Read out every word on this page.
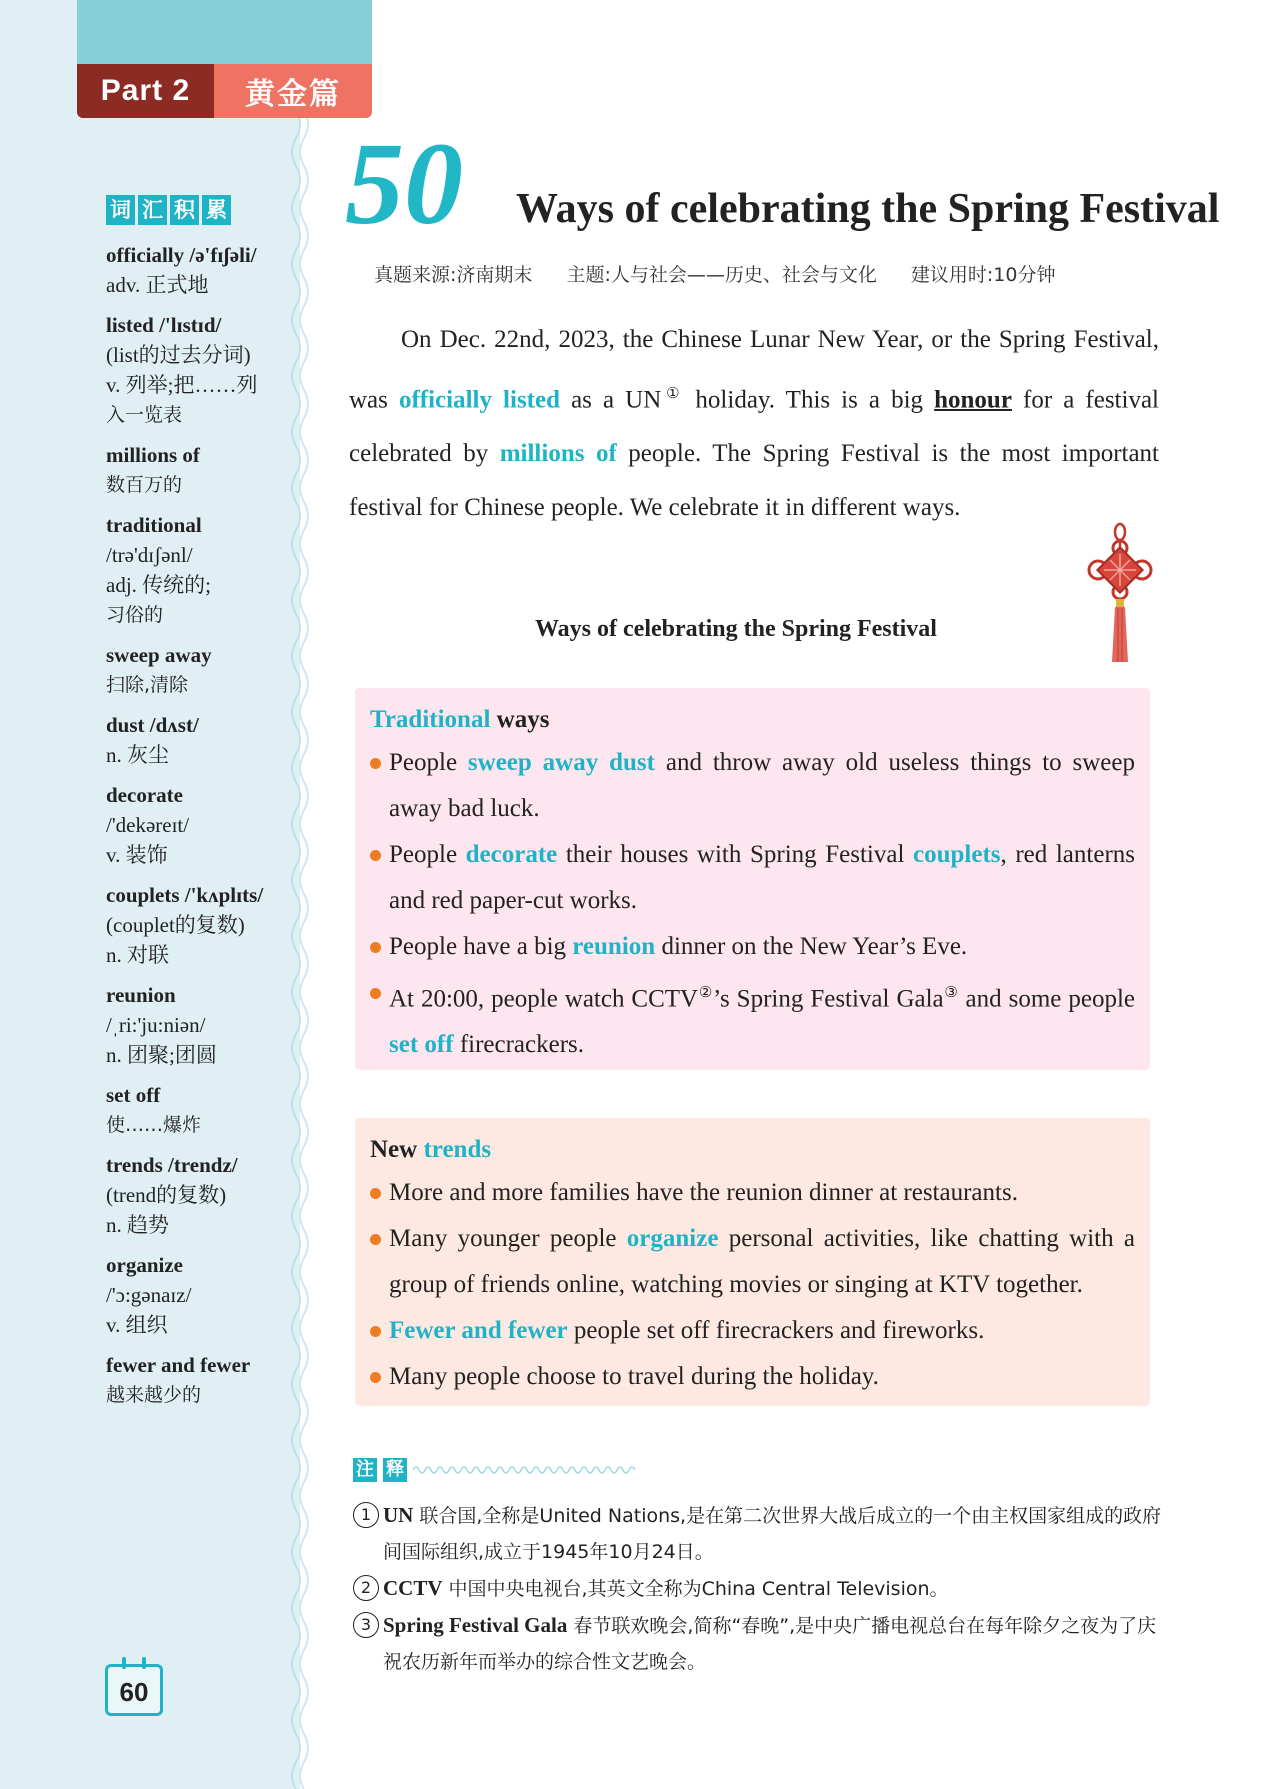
Part 2	黄金篇
词 汇 积 累
officially /ə'fɪʃəli/
adv. 正式地
listed /'lɪstɪd/
(list的过去分词)
v. 列举;把……列
入一览表
millions of
数百万的
traditional
/trə'dɪʃənl/
adj. 传统的;
习俗的
sweep away
扫除,清除
dust /dʌst/
n. 灰尘
decorate
/'dekəreɪt/
v. 装饰
couplets /'kʌplɪts/
(couplet的复数)
n. 对联
reunion
/ˌri:'ju:niən/
n. 团聚;团圆
set off
使……爆炸
trends /trendz/
(trend的复数)
n. 趋势
organize
/'ɔ:gənaɪz/
v. 组织
fewer and fewer
越来越少的
50 Ways of celebrating the Spring Festival
真题来源:济南期末 主题:人与社会——历史、社会与文化 建议用时:10分钟

On Dec. 22nd, 2023, the Chinese Lunar New Year, or the Spring Festival, was officially listed as a UN① holiday. This is a big honour for a festival celebrated by millions of people. The Spring Festival is the most important festival for Chinese people. We celebrate it in different ways.

Ways of celebrating the Spring Festival
Traditional ways
People sweep away dust and throw away old useless things to sweep away bad luck.
People decorate their houses with Spring Festival couplets, red lanterns and red paper-cut works.
People have a big reunion dinner on the New Year’s Eve.
At 20:00, people watch CCTV②’s Spring Festival Gala③ and some people set off firecrackers.
New trends
More and more families have the reunion dinner at restaurants.
Many younger people organize personal activities, like chatting with a group of friends online, watching movies or singing at KTV together.
Fewer and fewer people set off firecrackers and fireworks.
Many people choose to travel during the holiday.
注 释
1 UN 联合国,全称是United Nations,是在第二次世界大战后成立的一个由主权国家组成的政府间国际组织,成立于1945年10月24日。
2 CCTV 中国中央电视台,其英文全称为China Central Television。
3 Spring Festival Gala 春节联欢晚会,简称“春晚”,是中央广播电视总台在每年除夕之夜为了庆祝农历新年而举办的综合性文艺晚会。
60
